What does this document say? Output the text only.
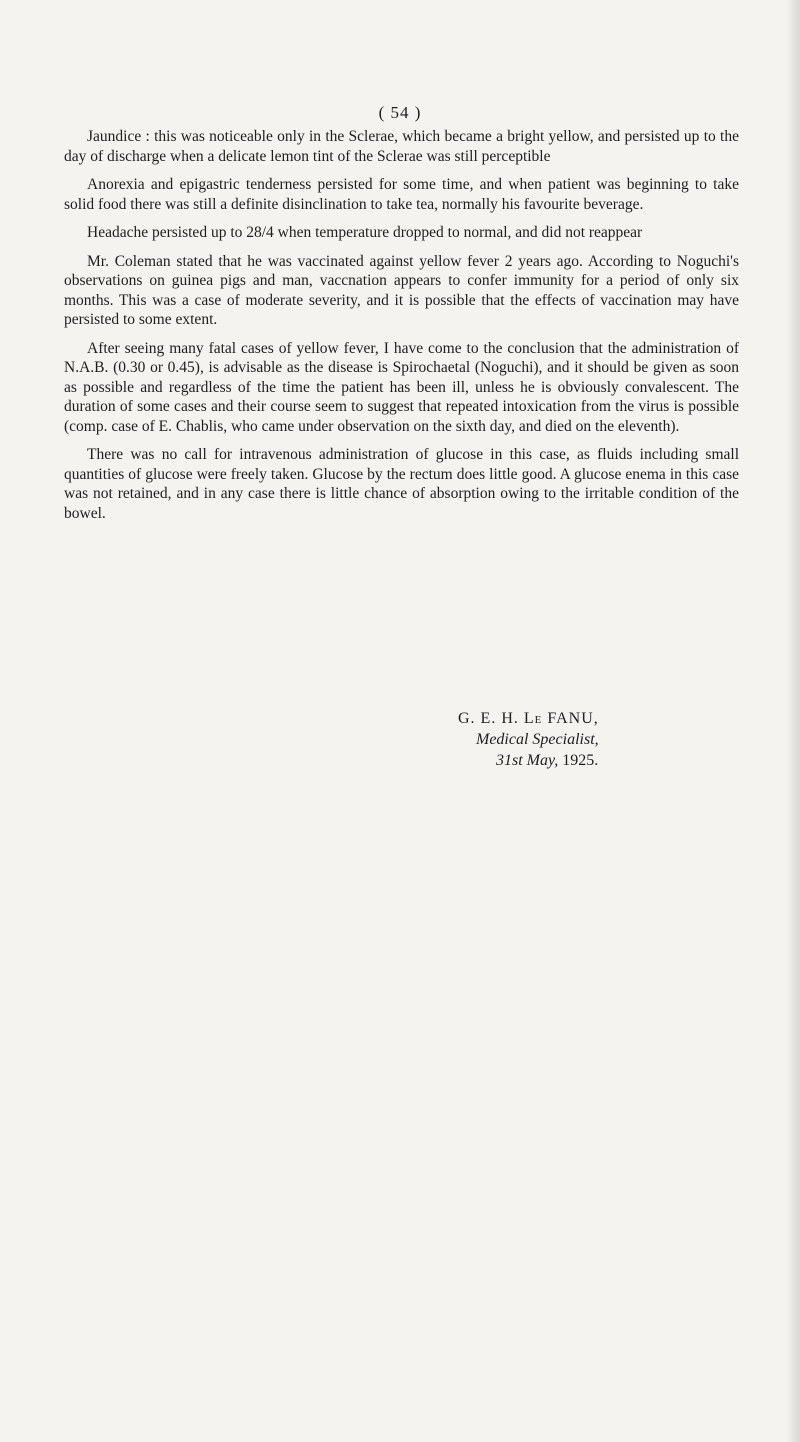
( 54 )

Jaundice : this was noticeable only in the Sclerae, which became a bright yellow, and persisted up to the day of discharge when a delicate lemon tint of the Sclerae was still perceptible

Anorexia and epigastric tenderness persisted for some time, and when patient was beginning to take solid food there was still a definite disinclination to take tea, normally his favourite beverage.

Headache persisted up to 28/4 when temperature dropped to normal, and did not reappear

Mr. Coleman stated that he was vaccinated against yellow fever 2 years ago. According to Noguchi's observations on guinea pigs and man, vaccnation appears to confer immunity for a period of only six months. This was a case of moderate severity, and it is possible that the effects of vaccination may have persisted to some extent.

After seeing many fatal cases of yellow fever, I have come to the conclusion that the administration of N.A.B. (0.30 or 0.45), is advisable as the disease is Spirochaetal (Noguchi), and it should be given as soon as possible and regardless of the time the patient has been ill, unless he is obviously convalescent. The duration of some cases and their course seem to suggest that repeated intoxication from the virus is possible (comp. case of E. Chablis, who came under observation on the sixth day, and died on the eleventh).

There was no call for intravenous administration of glucose in this case, as fluids including small quantities of glucose were freely taken. Glucose by the rectum does little good. A glucose enema in this case was not retained, and in any case there is little chance of absorption owing to the irritable condition of the bowel.

G. E. H. Le FANU,
Medical Specialist,
31st May, 1925.
